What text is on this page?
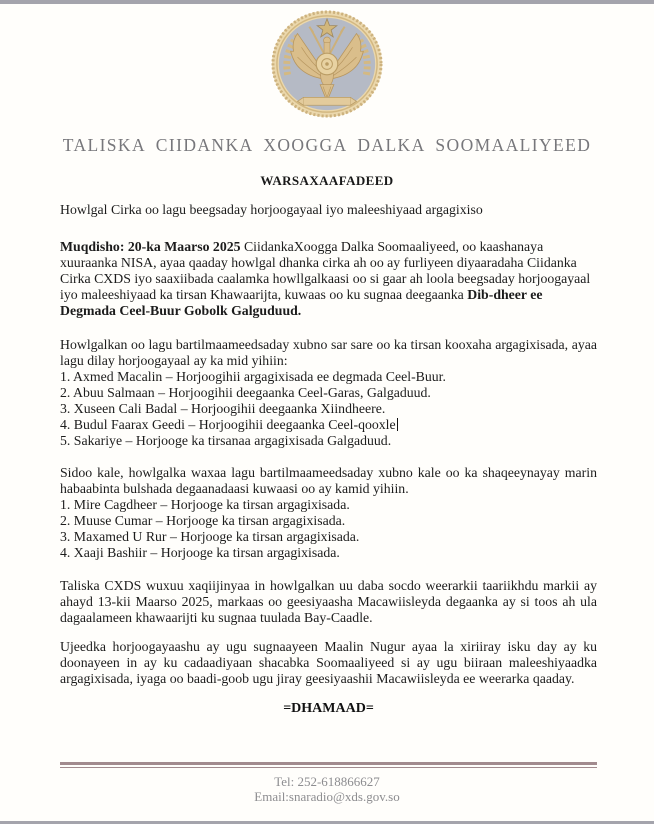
TALISKA CIIDANKA XOOGGA DALKA SOOMAALIYEED
WARSAXAAFADEED

Howlgal Cirka oo lagu beegsaday horjoogayaal iyo maleeshiyaad argagixiso

Muqdisho: 20-ka Maarso 2025 CiidankaXoogga Dalka Soomaaliyeed, oo kaashanaya xuuraanka NISA, ayaa qaaday howlgal dhanka cirka ah oo ay furliyeen diyaaradaha Ciidanka Cirka CXDS iyo saaxiibada caalamka howllgalkaasi oo si gaar ah loola beegsaday horjoogayaal iyo maleeshiyaad ka tirsan Khawaarijta, kuwaas oo ku sugnaa deegaanka Dib-dheer ee Degmada Ceel-Buur Gobolk Galguduud.

Howlgalkan oo lagu bartilmaameedsaday xubno sar sare oo ka tirsan kooxaha argagixisada, ayaa lagu dilay horjoogayaal ay ka mid yihiin:

1. Axmed Macalin – Horjoogihii argagixisada ee degmada Ceel-Buur.
2. Abuu Salmaan – Horjoogihii deegaanka Ceel-Garas, Galgaduud.
3. Xuseen Cali Badal – Horjoogihii deegaanka Xiindheere.
4. Budul Faarax Geedi – Horjoogihii deegaanka Ceel-qooxle
5. Sakariye – Horjooge ka tirsanaa argagixisada Galgaduud.

Sidoo kale, howlgalka waxaa lagu bartilmaameedsaday xubno kale oo ka shaqeeynayay marin habaabinta bulshada degaanadaasi kuwaasi oo ay kamid yihiin.

1. Mire Cagdheer – Horjooge ka tirsan argagixisada.
2. Muuse Cumar – Horjooge ka tirsan argagixisada.
3. Maxamed U Rur – Horjooge ka tirsan argagixisada.
4. Xaaji Bashiir – Horjooge ka tirsan argagixisada.

Taliska CXDS wuxuu xaqiijinyaa in howlgalkan uu daba socdo weerarkii taariikhdu markii ay ahayd 13-kii Maarso 2025, markaas oo geesiyaasha Macawiisleyda degaanka ay si toos ah ula dagaalameen khawaarijti ku sugnaa tuulada Bay-Caadle.

Ujeedka horjoogayaashu ay ugu sugnaayeen Maalin Nugur ayaa la xiriiray isku day ay ku doonayeen in ay ku cadaadiyaan shacabka Soomaaliyeed si ay ugu biiraan maleeshiyaadka argagixisada, iyaga oo baadi-goob ugu jiray geesiyaashii Macawiisleyda ee weerarka qaaday.

=DHAMAAD=
Tel: 252-618866627
Email:snaradio@xds.gov.so
